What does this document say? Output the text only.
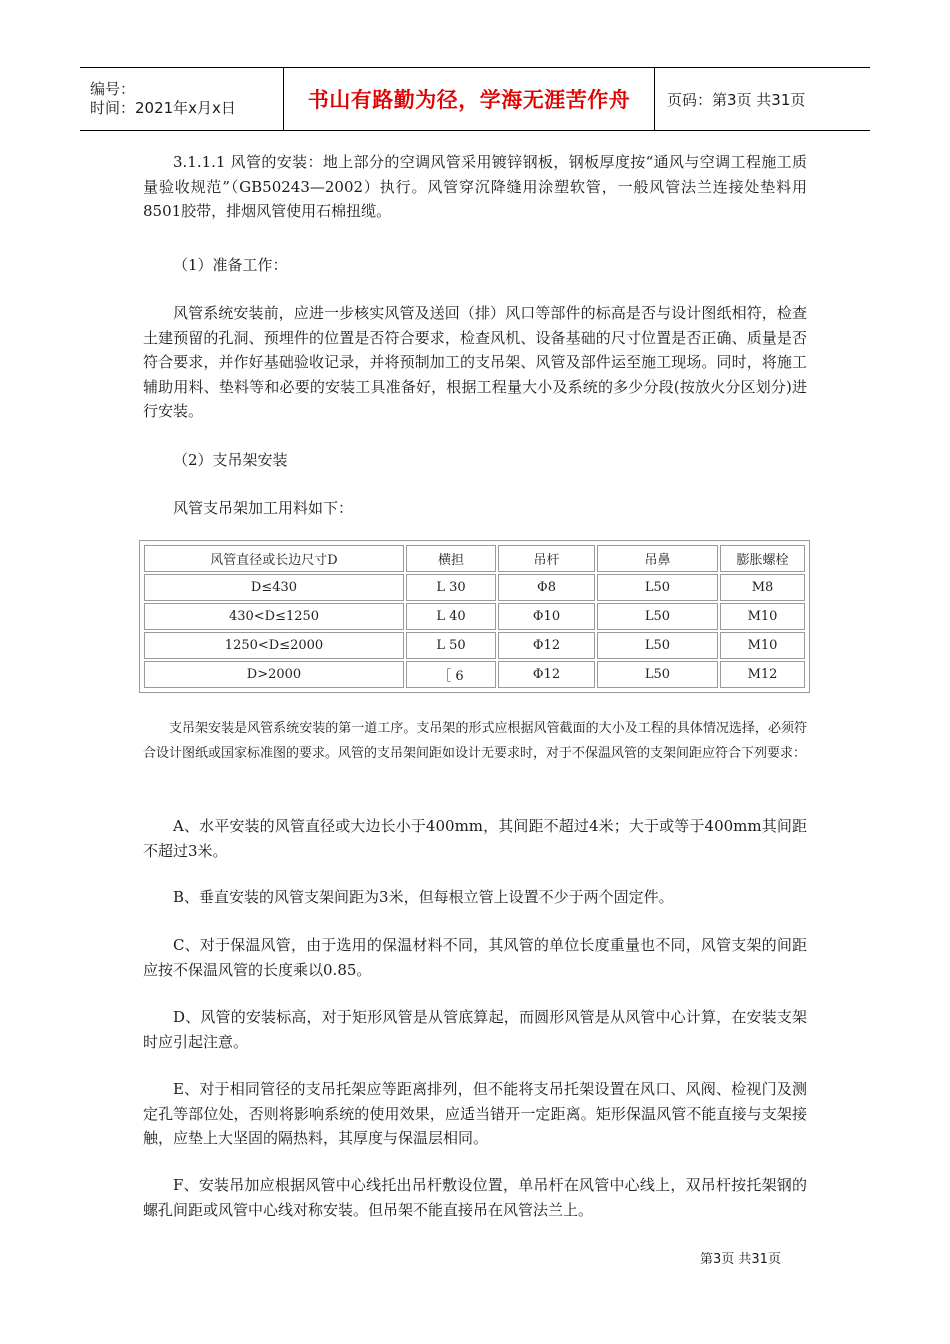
编号：
时间：2021年x月x日	书山有路勤为径，学海无涯苦作舟 页码：第3页 共31页
3.1.1.1 风管的安装：地上部分的空调风管采用镀锌钢板，钢板厚度按“通风与空调工程施工质量验收规范”（GB50243—2002）执行。风管穿沉降缝用涂塑软管，一般风管法兰连接处垫料用8501胶带，排烟风管使用石棉扭缆。
（1）准备工作：
风管系统安装前，应进一步核实风管及送回（排）风口等部件的标高是否与设计图纸相符，检查土建预留的孔洞、预埋件的位置是否符合要求，检查风机、设备基础的尺寸位置是否正确、质量是否符合要求，并作好基础验收记录，并将预制加工的支吊架、风管及部件运至施工现场。同时，将施工辅助用料、垫料等和必要的安装工具准备好，根据工程量大小及系统的多少分段(按放火分区划分)进行安装。
（2）支吊架安装
风管支吊架加工用料如下：
风管直径或长边尺寸D	横担	吊杆	吊鼻	膨胀螺栓
D≤430	L 30	Φ8	L50	M8
430<D≤1250	L 40	Φ10	L50	M10
1250<D≤2000	L 50	Φ12	L50	M10
D>2000	［ 6	Φ12	L50	M12
支吊架安装是风管系统安装的第一道工序。支吊架的形式应根据风管截面的大小及工程的具体情况选择，必须符合设计图纸或国家标准图的要求。风管的支吊架间距如设计无要求时，对于不保温风管的支架间距应符合下列要求：
A、水平安装的风管直径或大边长小于400mm，其间距不超过4米；大于或等于400mm其间距不超过3米。
B、垂直安装的风管支架间距为3米，但每根立管上设置不少于两个固定件。
C、对于保温风管，由于选用的保温材料不同，其风管的单位长度重量也不同，风管支架的间距应按不保温风管的长度乘以0.85。
D、风管的安装标高，对于矩形风管是从管底算起，而圆形风管是从风管中心计算，在安装支架时应引起注意。
E、对于相同管径的支吊托架应等距离排列，但不能将支吊托架设置在风口、风阀、检视门及测定孔等部位处，否则将影响系统的使用效果，应适当错开一定距离。矩形保温风管不能直接与支架接触，应垫上大坚固的隔热料，其厚度与保温层相同。
F、安装吊加应根据风管中心线托出吊杆敷设位置，单吊杆在风管中心线上，双吊杆按托架钢的螺孔间距或风管中心线对称安装。但吊架不能直接吊在风管法兰上。
第3页 共31页
